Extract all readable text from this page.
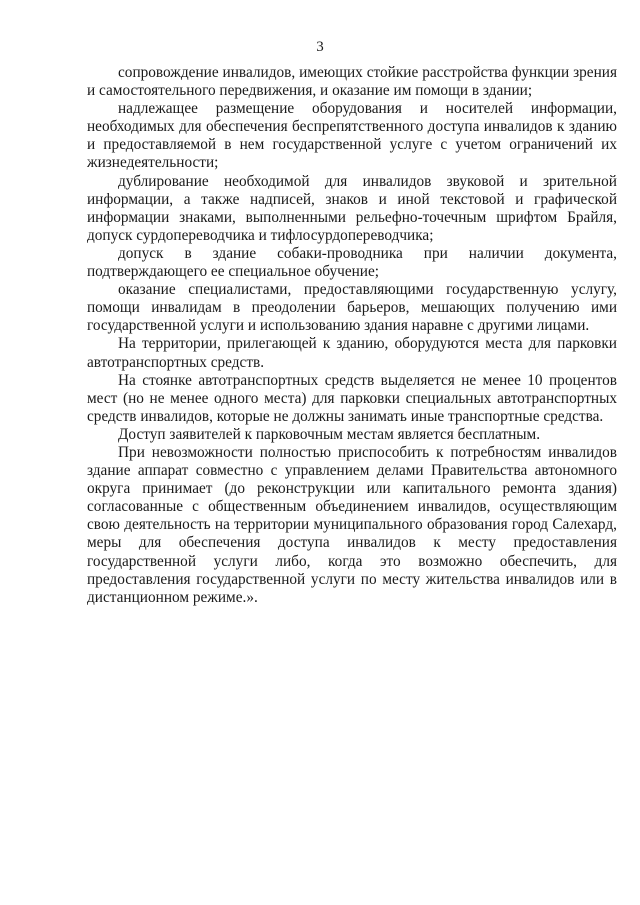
3

сопровождение инвалидов, имеющих стойкие расстройства функции зрения и самостоятельного передвижения, и оказание им помощи в здании;

надлежащее размещение оборудования и носителей информации, необходимых для обеспечения беспрепятственного доступа инвалидов к зданию и предоставляемой в нем государственной услуге с учетом ограничений их жизнедеятельности;

дублирование необходимой для инвалидов звуковой и зрительной информации, а также надписей, знаков и иной текстовой и графической информации знаками, выполненными рельефно-точечным шрифтом Брайля, допуск сурдопереводчика и тифлосурдопереводчика;

допуск в здание собаки-проводника при наличии документа, подтверждающего ее специальное обучение;

оказание специалистами, предоставляющими государственную услугу, помощи инвалидам в преодолении барьеров, мешающих получению ими государственной услуги и использованию здания наравне с другими лицами.

На территории, прилегающей к зданию, оборудуются места для парковки автотранспортных средств.

На стоянке автотранспортных средств выделяется не менее 10 процентов мест (но не менее одного места) для парковки специальных автотранспортных средств инвалидов, которые не должны занимать иные транспортные средства.

Доступ заявителей к парковочным местам является бесплатным.

При невозможности полностью приспособить к потребностям инвалидов здание аппарат совместно с управлением делами Правительства автономного округа принимает (до реконструкции или капитального ремонта здания) согласованные с общественным объединением инвалидов, осуществляющим свою деятельность на территории муниципального образования город Салехард, меры для обеспечения доступа инвалидов к месту предоставления государственной услуги либо, когда это возможно обеспечить, для предоставления государственной услуги по месту жительства инвалидов или в дистанционном режиме.».
